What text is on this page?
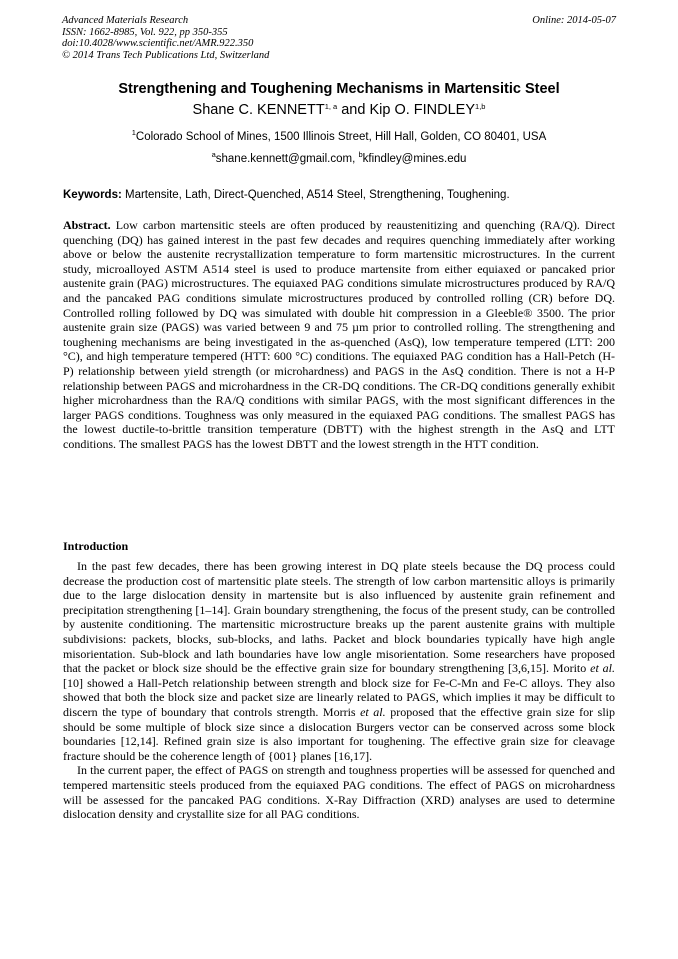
Advanced Materials Research
ISSN: 1662-8985, Vol. 922, pp 350-355
doi:10.4028/www.scientific.net/AMR.922.350
© 2014 Trans Tech Publications Ltd, Switzerland
Online: 2014-05-07
Strengthening and Toughening Mechanisms in Martensitic Steel
Shane C. KENNETT$^{1, a}$ and Kip O. FINDLEY$^{1,b}$
$^1$Colorado School of Mines, 1500 Illinois Street, Hill Hall, Golden, CO 80401, USA
$^a$shane.kennett@gmail.com, $^b$kfindley@mines.edu
Keywords: Martensite, Lath, Direct-Quenched, A514 Steel, Strengthening, Toughening.

Abstract. Low carbon martensitic steels are often produced by reaustenitizing and quenching (RA/Q). Direct quenching (DQ) has gained interest in the past few decades and requires quenching immediately after working above or below the austenite recrystallization temperature to form martensitic microstructures. In the current study, microalloyed ASTM A514 steel is used to produce martensite from either equiaxed or pancaked prior austenite grain (PAG) microstructures. The equiaxed PAG conditions simulate microstructures produced by RA/Q and the pancaked PAG conditions simulate microstructures produced by controlled rolling (CR) before DQ. Controlled rolling followed by DQ was simulated with double hit compression in a Gleeble® 3500. The prior austenite grain size (PAGS) was varied between 9 and 75 µm prior to controlled rolling. The strengthening and toughening mechanisms are being investigated in the as-quenched (AsQ), low temperature tempered (LTT: 200 °C), and high temperature tempered (HTT: 600 °C) conditions. The equiaxed PAG condition has a Hall-Petch (H-P) relationship between yield strength (or microhardness) and PAGS in the AsQ condition. There is not a H-P relationship between PAGS and microhardness in the CR-DQ conditions. The CR-DQ conditions generally exhibit higher microhardness than the RA/Q conditions with similar PAGS, with the most significant differences in the larger PAGS conditions. Toughness was only measured in the equiaxed PAG conditions. The smallest PAGS has the lowest ductile-to-brittle transition temperature (DBTT) with the highest strength in the AsQ and LTT conditions. The smallest PAGS has the lowest DBTT and the lowest strength in the HTT condition.

Introduction

In the past few decades, there has been growing interest in DQ plate steels because the DQ process could decrease the production cost of martensitic plate steels. The strength of low carbon martensitic alloys is primarily due to the large dislocation density in martensite but is also influenced by austenite grain refinement and precipitation strengthening [1–14]. Grain boundary strengthening, the focus of the present study, can be controlled by austenite conditioning. The martensitic microstructure breaks up the parent austenite grains with multiple subdivisions: packets, blocks, sub-blocks, and laths. Packet and block boundaries typically have high angle misorientation. Sub-block and lath boundaries have low angle misorientation. Some researchers have proposed that the packet or block size should be the effective grain size for boundary strengthening [3,6,15]. Morito et al. [10] showed a Hall-Petch relationship between strength and block size for Fe-C-Mn and Fe-C alloys. They also showed that both the block size and packet size are linearly related to PAGS, which implies it may be difficult to discern the type of boundary that controls strength. Morris et al. proposed that the effective grain size for slip should be some multiple of block size since a dislocation Burgers vector can be conserved across some block boundaries [12,14]. Refined grain size is also important for toughening. The effective grain size for cleavage fracture should be the coherence length of {001} planes [16,17].

In the current paper, the effect of PAGS on strength and toughness properties will be assessed for quenched and tempered martensitic steels produced from the equiaxed PAG conditions. The effect of PAGS on microhardness will be assessed for the pancaked PAG conditions. X-Ray Diffraction (XRD) analyses are used to determine dislocation density and crystallite size for all PAG conditions.
